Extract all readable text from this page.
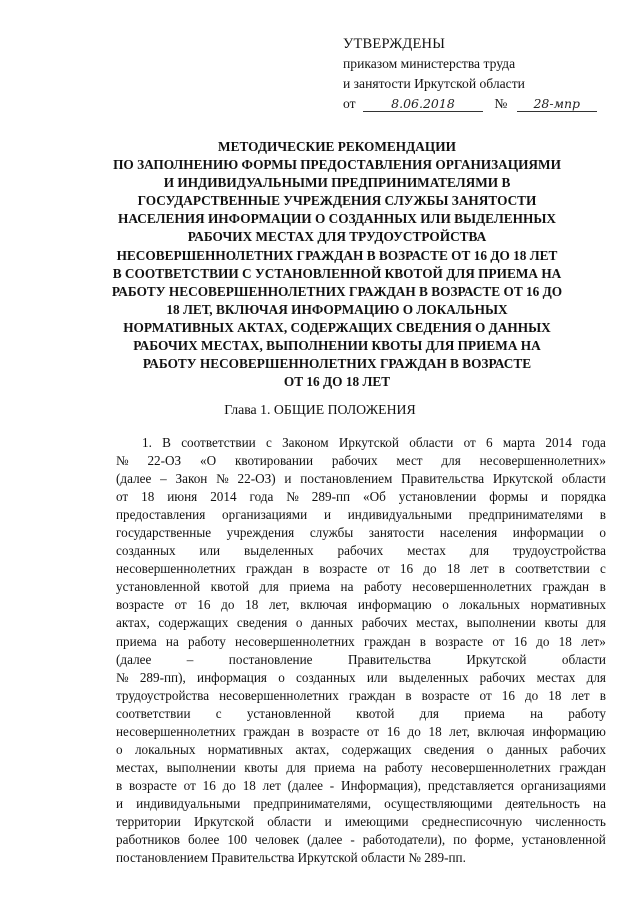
УТВЕРЖДЕНЫ
приказом министерства труда
и занятости Иркутской области
от	8.06.2018	№ 28-мпр
МЕТОДИЧЕСКИЕ РЕКОМЕНДАЦИИ
ПО ЗАПОЛНЕНИЮ ФОРМЫ ПРЕДОСТАВЛЕНИЯ ОРГАНИЗАЦИЯМИ
И ИНДИВИДУАЛЬНЫМИ ПРЕДПРИНИМАТЕЛЯМИ В
ГОСУДАРСТВЕННЫЕ УЧРЕЖДЕНИЯ СЛУЖБЫ ЗАНЯТОСТИ
НАСЕЛЕНИЯ ИНФОРМАЦИИ О СОЗДАННЫХ ИЛИ ВЫДЕЛЕННЫХ
РАБОЧИХ МЕСТАХ ДЛЯ ТРУДОУСТРОЙСТВА
НЕСОВЕРШЕННОЛЕТНИХ ГРАЖДАН В ВОЗРАСТЕ ОТ 16 ДО 18 ЛЕТ
В СООТВЕТСТВИИ С УСТАНОВЛЕННОЙ КВОТОЙ ДЛЯ ПРИЕМА НА
РАБОТУ НЕСОВЕРШЕННОЛЕТНИХ ГРАЖДАН В ВОЗРАСТЕ ОТ 16 ДО
18 ЛЕТ, ВКЛЮЧАЯ ИНФОРМАЦИЮ О ЛОКАЛЬНЫХ
НОРМАТИВНЫХ АКТАХ, СОДЕРЖАЩИХ СВЕДЕНИЯ О ДАННЫХ
РАБОЧИХ МЕСТАХ, ВЫПОЛНЕНИИ КВОТЫ ДЛЯ ПРИЕМА НА
РАБОТУ НЕСОВЕРШЕННОЛЕТНИХ ГРАЖДАН В ВОЗРАСТЕ
ОТ 16 ДО 18 ЛЕТ
Глава 1. ОБЩИЕ ПОЛОЖЕНИЯ
1. В соответствии с Законом Иркутской области от 6 марта 2014 года
№ 22-ОЗ «О квотировании рабочих мест для несовершеннолетних»
(далее – Закон № 22-ОЗ) и постановлением Правительства Иркутской области
от 18 июня 2014 года № 289-пп «Об установлении формы и порядка
предоставления организациями и индивидуальными предпринимателями в
государственные учреждения службы занятости населения информации о
созданных или выделенных рабочих местах для трудоустройства
несовершеннолетних граждан в возрасте от 16 до 18 лет в соответствии с
установленной квотой для приема на работу несовершеннолетних граждан в
возрасте от 16 до 18 лет, включая информацию о локальных нормативных
актах, содержащих сведения о данных рабочих местах, выполнении квоты для
приема на работу несовершеннолетних граждан в возрасте от 16 до 18 лет»
(далее	–	постановление	Правительства	Иркутской	области
№ 289-пп), информация о созданных или выделенных рабочих местах для
трудоустройства несовершеннолетних граждан в возрасте от 16 до 18 лет в
соответствии с установленной квотой для приема на работу
несовершеннолетних граждан в возрасте от 16 до 18 лет, включая информацию
о локальных нормативных актах, содержащих сведения о данных рабочих
местах, выполнении квоты для приема на работу несовершеннолетних граждан
в возрасте от 16 до 18 лет (далее - Информация), представляется организациями
и индивидуальными предпринимателями, осуществляющими деятельность на
территории Иркутской области и имеющими среднесписочную численность
работников более 100 человек (далее - работодатели), по форме, установленной
постановлением Правительства Иркутской области № 289-пп.
